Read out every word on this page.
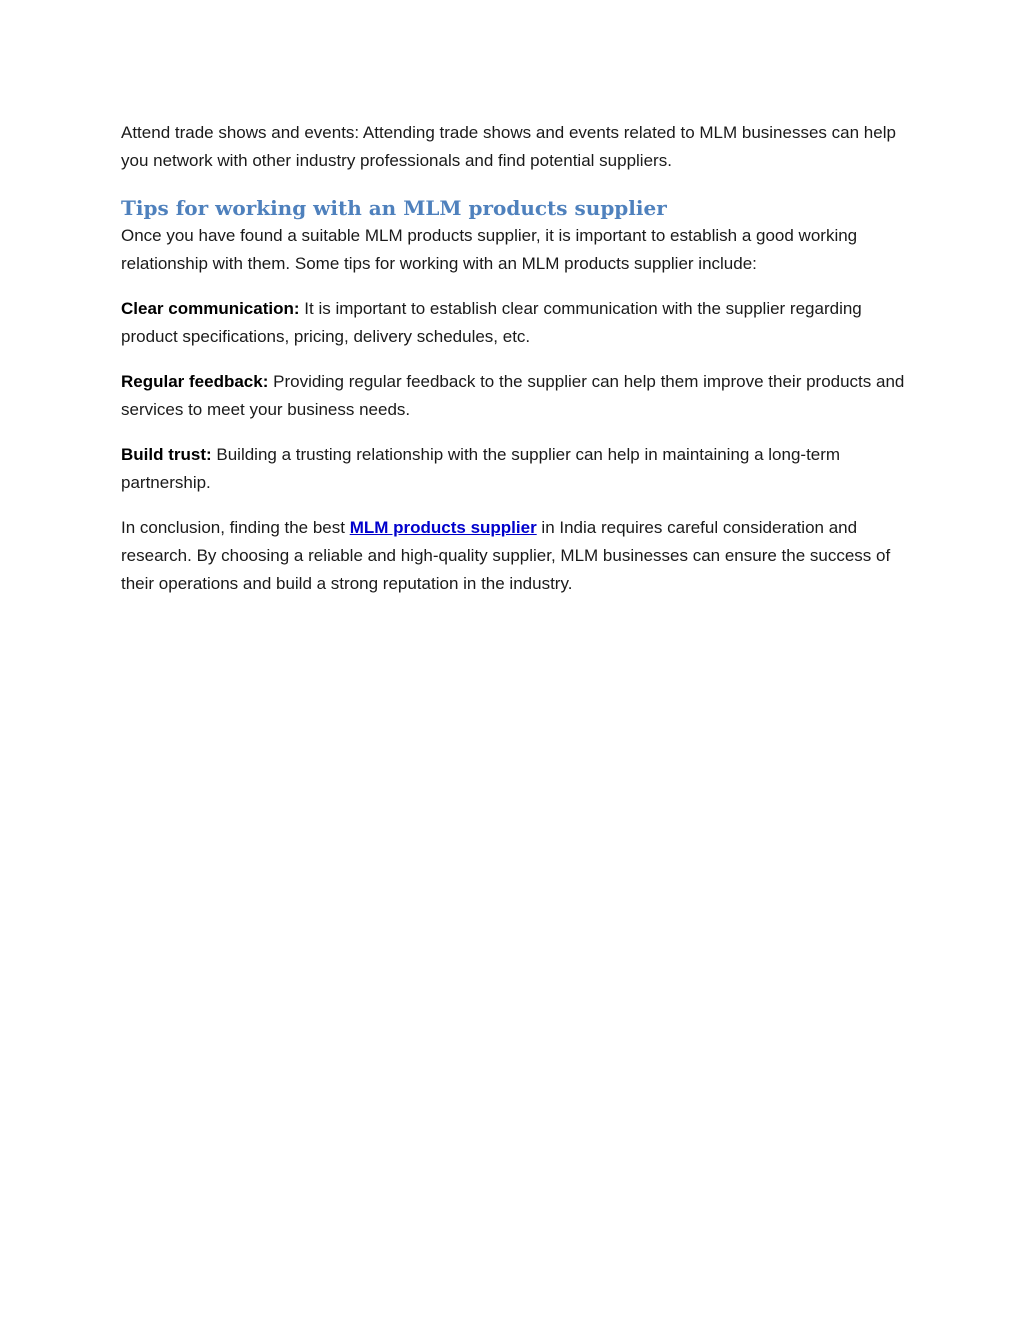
Attend trade shows and events: Attending trade shows and events related to MLM businesses can help you network with other industry professionals and find potential suppliers.

Tips for working with an MLM products supplier

Once you have found a suitable MLM products supplier, it is important to establish a good working relationship with them. Some tips for working with an MLM products supplier include:

Clear communication: It is important to establish clear communication with the supplier regarding product specifications, pricing, delivery schedules, etc.

Regular feedback: Providing regular feedback to the supplier can help them improve their products and services to meet your business needs.

Build trust: Building a trusting relationship with the supplier can help in maintaining a long-term partnership.

In conclusion, finding the best MLM products supplier in India requires careful consideration and research. By choosing a reliable and high-quality supplier, MLM businesses can ensure the success of their operations and build a strong reputation in the industry.
